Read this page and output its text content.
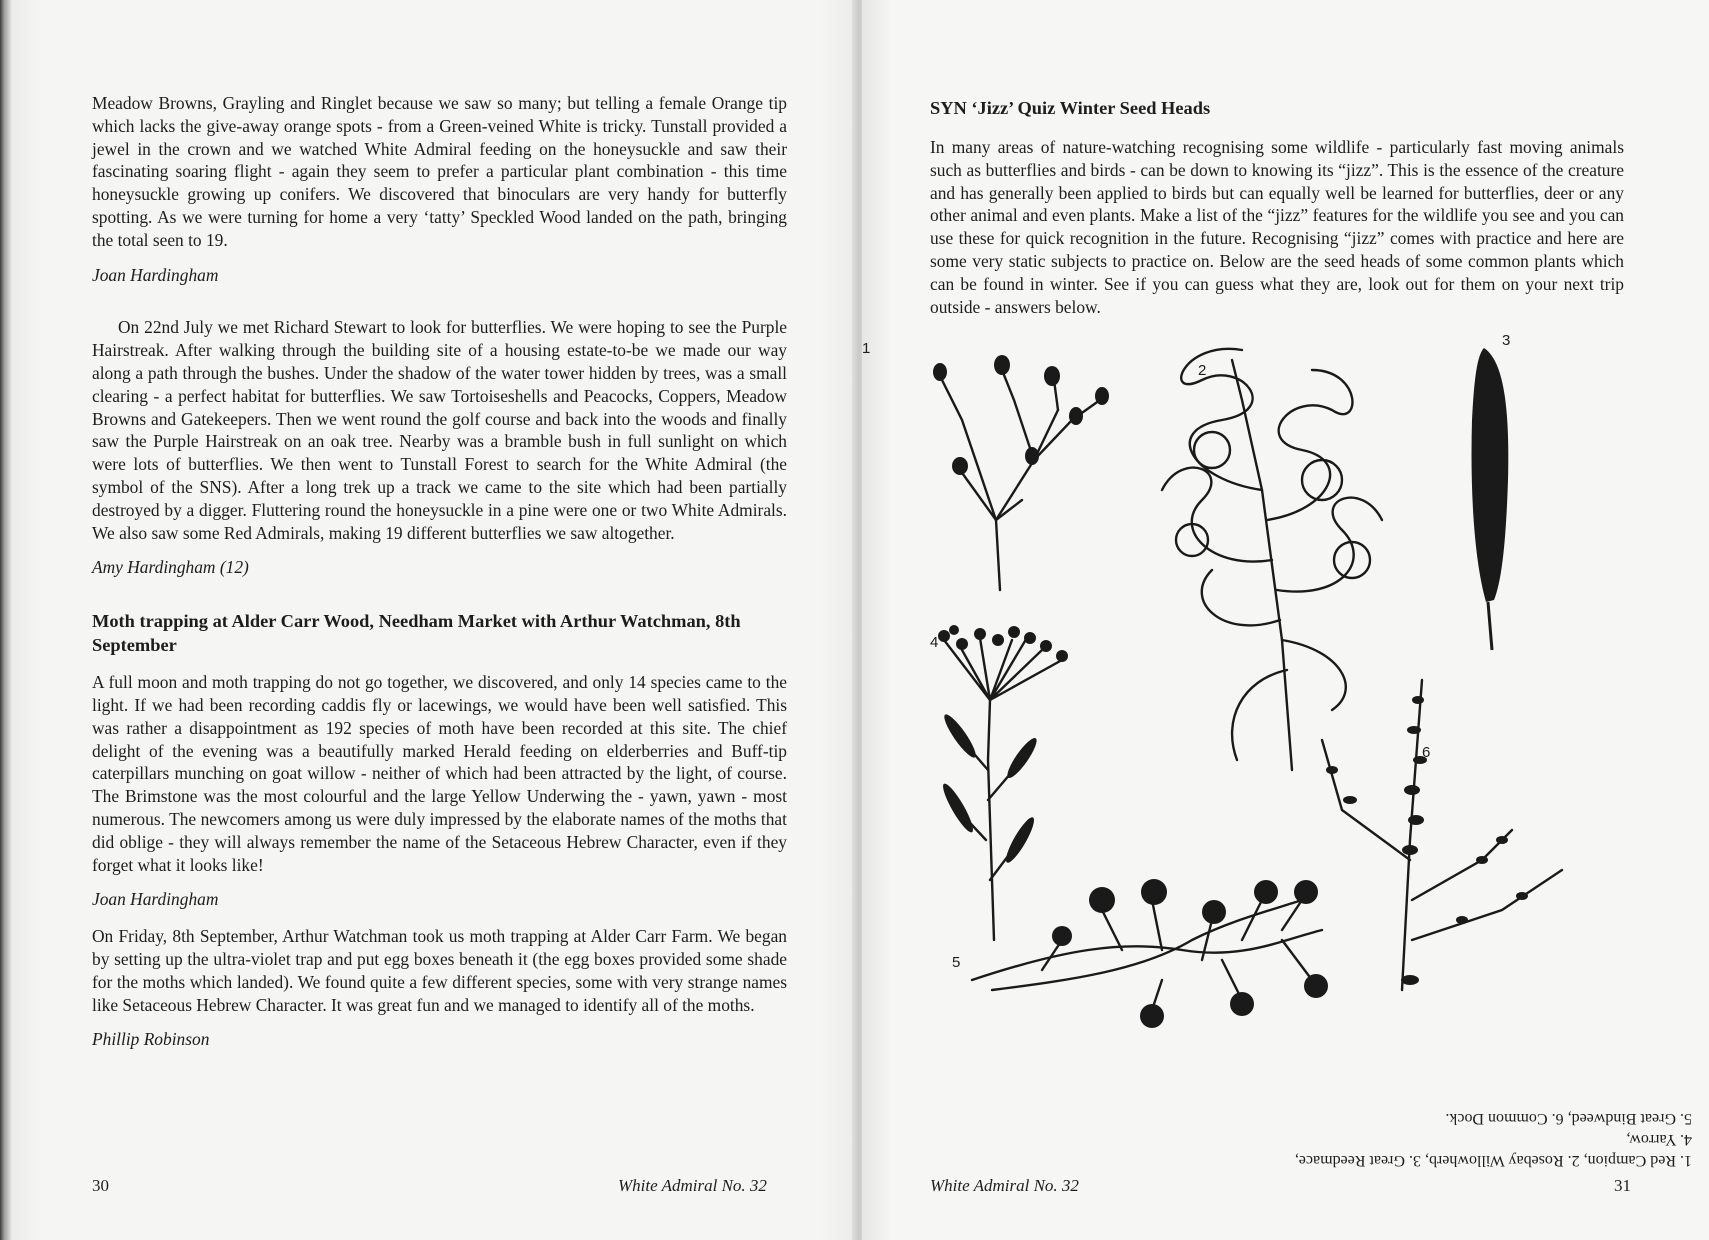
Meadow Browns, Grayling and Ringlet because we saw so many; but telling a female Orange tip which lacks the give-away orange spots - from a Green-veined White is tricky. Tunstall provided a jewel in the crown and we watched White Admiral feeding on the honeysuckle and saw their fascinating soaring flight - again they seem to prefer a particular plant combination - this time honeysuckle growing up conifers. We discovered that binoculars are very handy for butterfly spotting. As we were turning for home a very ‘tatty’ Speckled Wood landed on the path, bringing the total seen to 19.

Joan Hardingham

On 22nd July we met Richard Stewart to look for butterflies. We were hoping to see the Purple Hairstreak. After walking through the building site of a housing estate-to-be we made our way along a path through the bushes. Under the shadow of the water tower hidden by trees, was a small clearing - a perfect habitat for butterflies. We saw Tortoiseshells and Peacocks, Coppers, Meadow Browns and Gatekeepers. Then we went round the golf course and back into the woods and finally saw the Purple Hairstreak on an oak tree. Nearby was a bramble bush in full sunlight on which were lots of butterflies. We then went to Tunstall Forest to search for the White Admiral (the symbol of the SNS). After a long trek up a track we came to the site which had been partially destroyed by a digger. Fluttering round the honeysuckle in a pine were one or two White Admirals. We also saw some Red Admirals, making 19 different butterflies we saw altogether.

Amy Hardingham (12)

Moth trapping at Alder Carr Wood, Needham Market with Arthur Watchman, 8th September

A full moon and moth trapping do not go together, we discovered, and only 14 species came to the light. If we had been recording caddis fly or lacewings, we would have been well satisfied. This was rather a disappointment as 192 species of moth have been recorded at this site. The chief delight of the evening was a beautifully marked Herald feeding on elderberries and Buff-tip caterpillars munching on goat willow - neither of which had been attracted by the light, of course. The Brimstone was the most colourful and the large Yellow Underwing the - yawn, yawn - most numerous. The newcomers among us were duly impressed by the elaborate names of the moths that did oblige - they will always remember the name of the Setaceous Hebrew Character, even if they forget what it looks like!

Joan Hardingham

On Friday, 8th September, Arthur Watchman took us moth trapping at Alder Carr Farm. We began by setting up the ultra-violet trap and put egg boxes beneath it (the egg boxes provided some shade for the moths which landed). We found quite a few different species, some with very strange names like Setaceous Hebrew Character. It was great fun and we managed to identify all of the moths.

Phillip Robinson

30	White Admiral No. 32

SYN ‘Jizz’ Quiz Winter Seed Heads

In many areas of nature-watching recognising some wildlife - particularly fast moving animals such as butterflies and birds - can be down to knowing its “jizz”. This is the essence of the creature and has generally been applied to birds but can equally well be learned for butterflies, deer or any other animal and even plants. Make a list of the “jizz” features for the wildlife you see and you can use these for quick recognition in the future. Recognising “jizz” comes with practice and here are some very static subjects to practice on. Below are the seed heads of some common plants which can be found in winter. See if you can guess what they are, look out for them on your next trip outside - answers below.

1
2
3
4
5
6
1. Red Campion, 2. Rosebay Willowherb, 3. Great Reedmace, 4. Yarrow,
5. Great Bindweed, 6. Common Dock.
White Admiral No. 32	31
